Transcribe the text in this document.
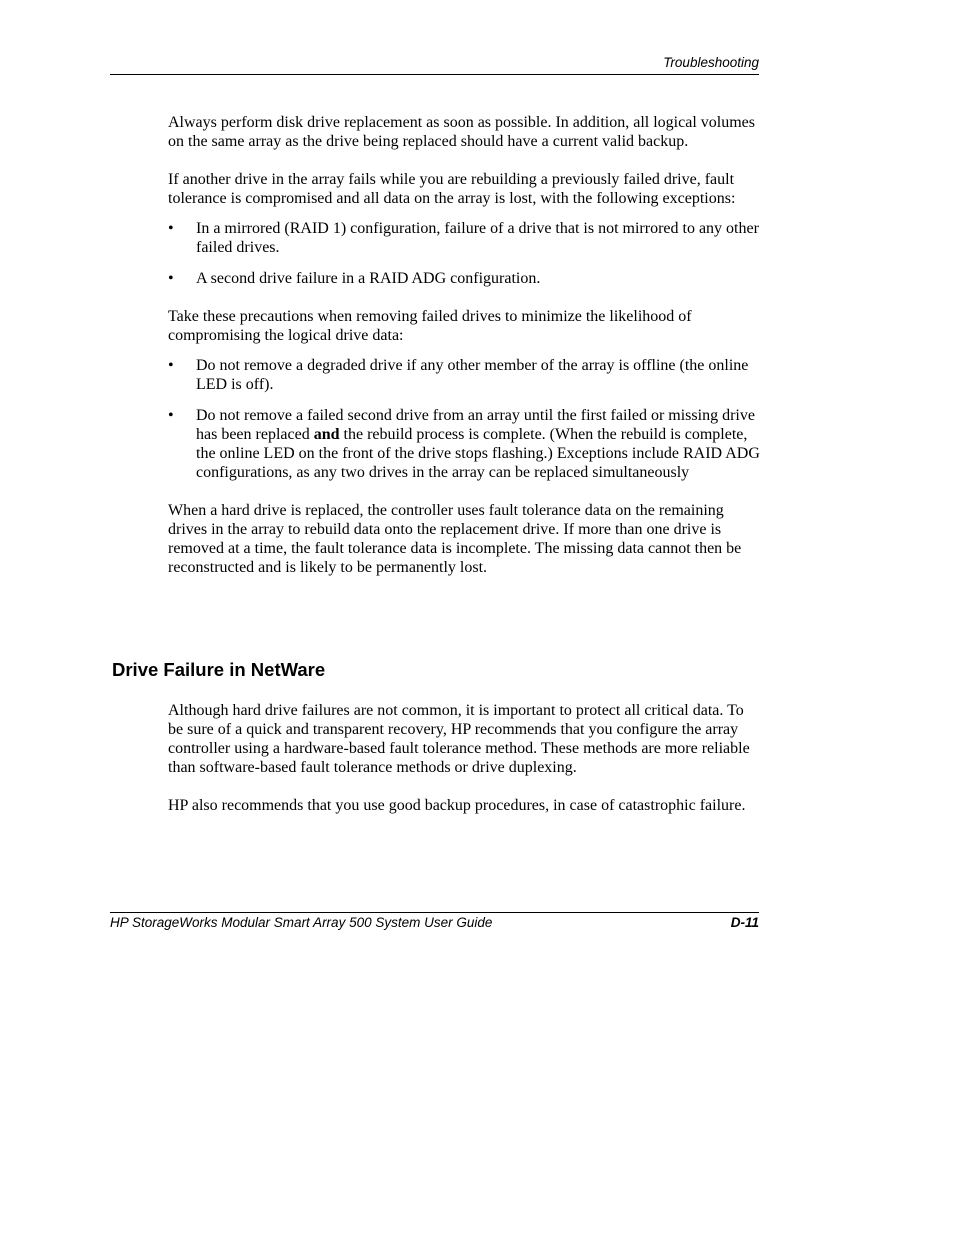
Troubleshooting

Always perform disk drive replacement as soon as possible. In addition, all logical volumes on the same array as the drive being replaced should have a current valid backup.

If another drive in the array fails while you are rebuilding a previously failed drive, fault tolerance is compromised and all data on the array is lost, with the following exceptions:

• In a mirrored (RAID 1) configuration, failure of a drive that is not mirrored to any other failed drives.
• A second drive failure in a RAID ADG configuration.

Take these precautions when removing failed drives to minimize the likelihood of compromising the logical drive data:

• Do not remove a degraded drive if any other member of the array is offline (the online LED is off).
• Do not remove a failed second drive from an array until the first failed or missing drive has been replaced and the rebuild process is complete. (When the rebuild is complete, the online LED on the front of the drive stops flashing.) Exceptions include RAID ADG configurations, as any two drives in the array can be replaced simultaneously

When a hard drive is replaced, the controller uses fault tolerance data on the remaining drives in the array to rebuild data onto the replacement drive. If more than one drive is removed at a time, the fault tolerance data is incomplete. The missing data cannot then be reconstructed and is likely to be permanently lost.

Drive Failure in NetWare

Although hard drive failures are not common, it is important to protect all critical data. To be sure of a quick and transparent recovery, HP recommends that you configure the array controller using a hardware-based fault tolerance method. These methods are more reliable than software-based fault tolerance methods or drive duplexing.

HP also recommends that you use good backup procedures, in case of catastrophic failure.

HP StorageWorks Modular Smart Array 500 System User Guide	D-11
